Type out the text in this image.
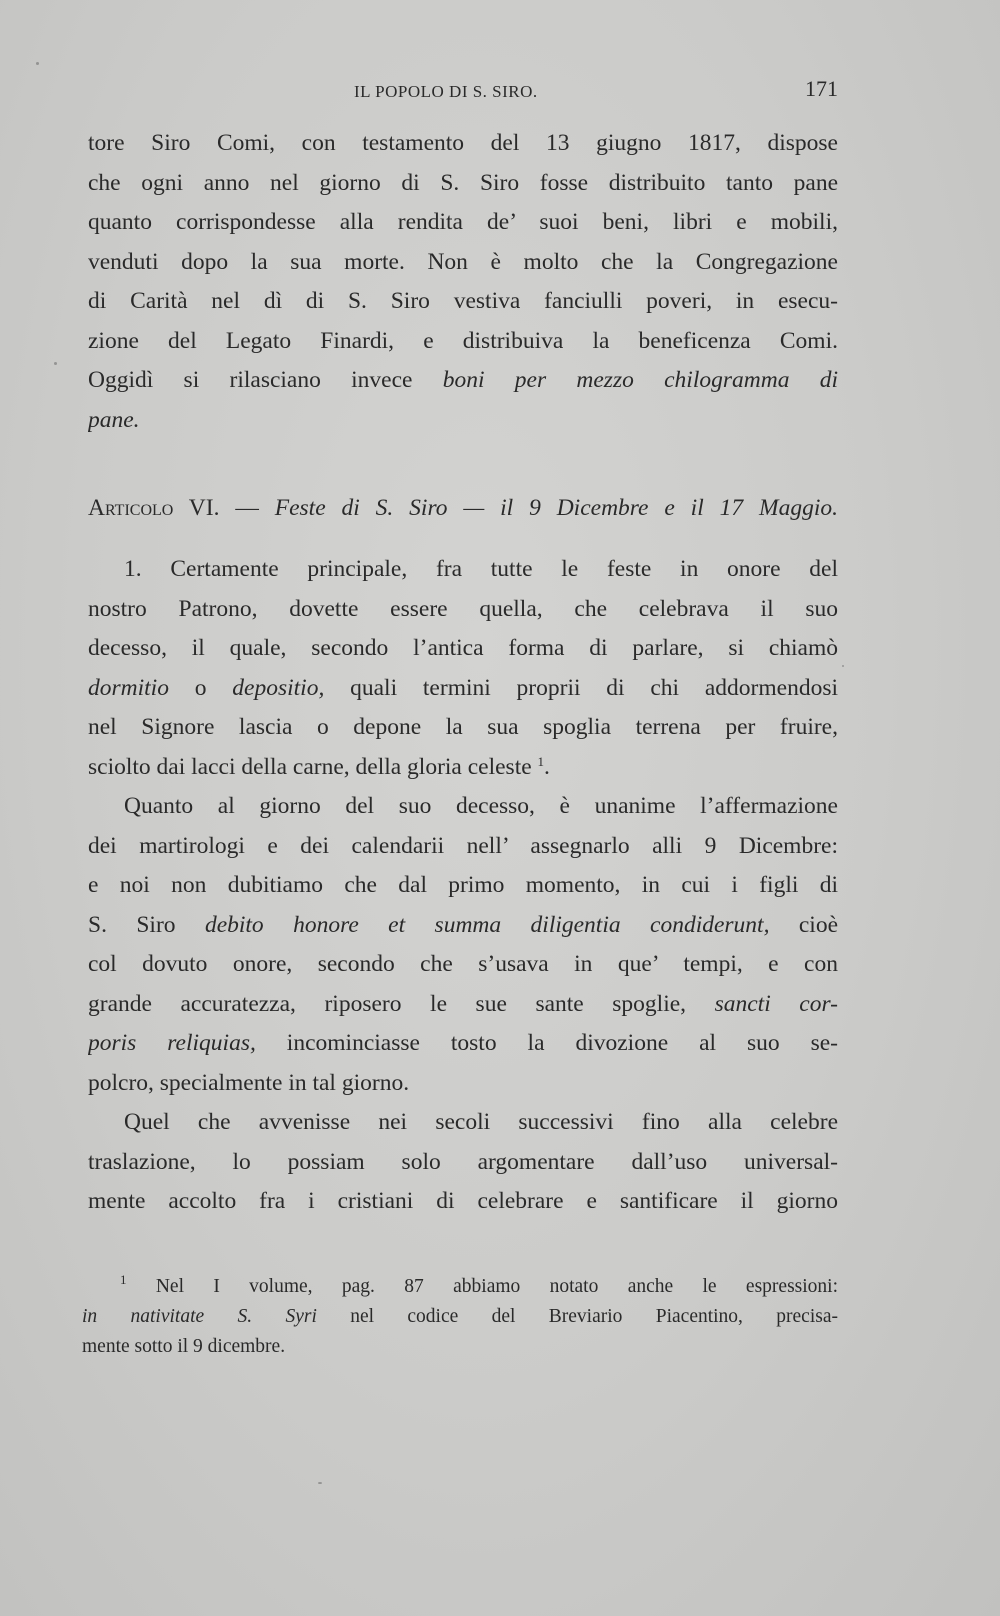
IL POPOLO DI S. SIRO.	171
tore Siro Comi, con testamento del 13 giugno 1817, dispose
che ogni anno nel giorno di S. Siro fosse distribuito tanto pane
quanto corrispondesse alla rendita de’ suoi beni, libri e mobili,
venduti dopo la sua morte. Non è molto che la Congregazione
di Carità nel dì di S. Siro vestiva fanciulli poveri, in esecu-
zione del Legato Finardi, e distribuiva la beneficenza Comi.
Oggidì si rilasciano invece boni per mezzo chilogramma di
pane.
Articolo VI. — Feste di S. Siro — il 9 Dicembre e il 17 Maggio.
1. Certamente principale, fra tutte le feste in onore del
nostro Patrono, dovette essere quella, che celebrava il suo
decesso, il quale, secondo l’antica forma di parlare, si chiamò
dormitio o depositio, quali termini proprii di chi addormendosi
nel Signore lascia o depone la sua spoglia terrena per fruire,
sciolto dai lacci della carne, della gloria celeste $^1$.
Quanto al giorno del suo decesso, è unanime l’affermazione
dei martirologi e dei calendarii nell’ assegnarlo alli 9 Dicembre:
e noi non dubitiamo che dal primo momento, in cui i figli di
S. Siro debito honore et summa diligentia condiderunt, cioè
col dovuto onore, secondo che s’usava in que’ tempi, e con
grande accuratezza, riposero le sue sante spoglie, sancti cor-
poris reliquias, incominciasse tosto la divozione al suo se-
polcro, specialmente in tal giorno.
Quel che avvenisse nei secoli successivi fino alla celebre
traslazione, lo possiam solo argomentare dall’uso universal-
mente accolto fra i cristiani di celebrare e santificare il giorno
$^1$ Nel I volume, pag. 87 abbiamo notato anche le espressioni:
in nativitate S. Syri nel codice del Breviario Piacentino, precisa-
mente sotto il 9 dicembre.
